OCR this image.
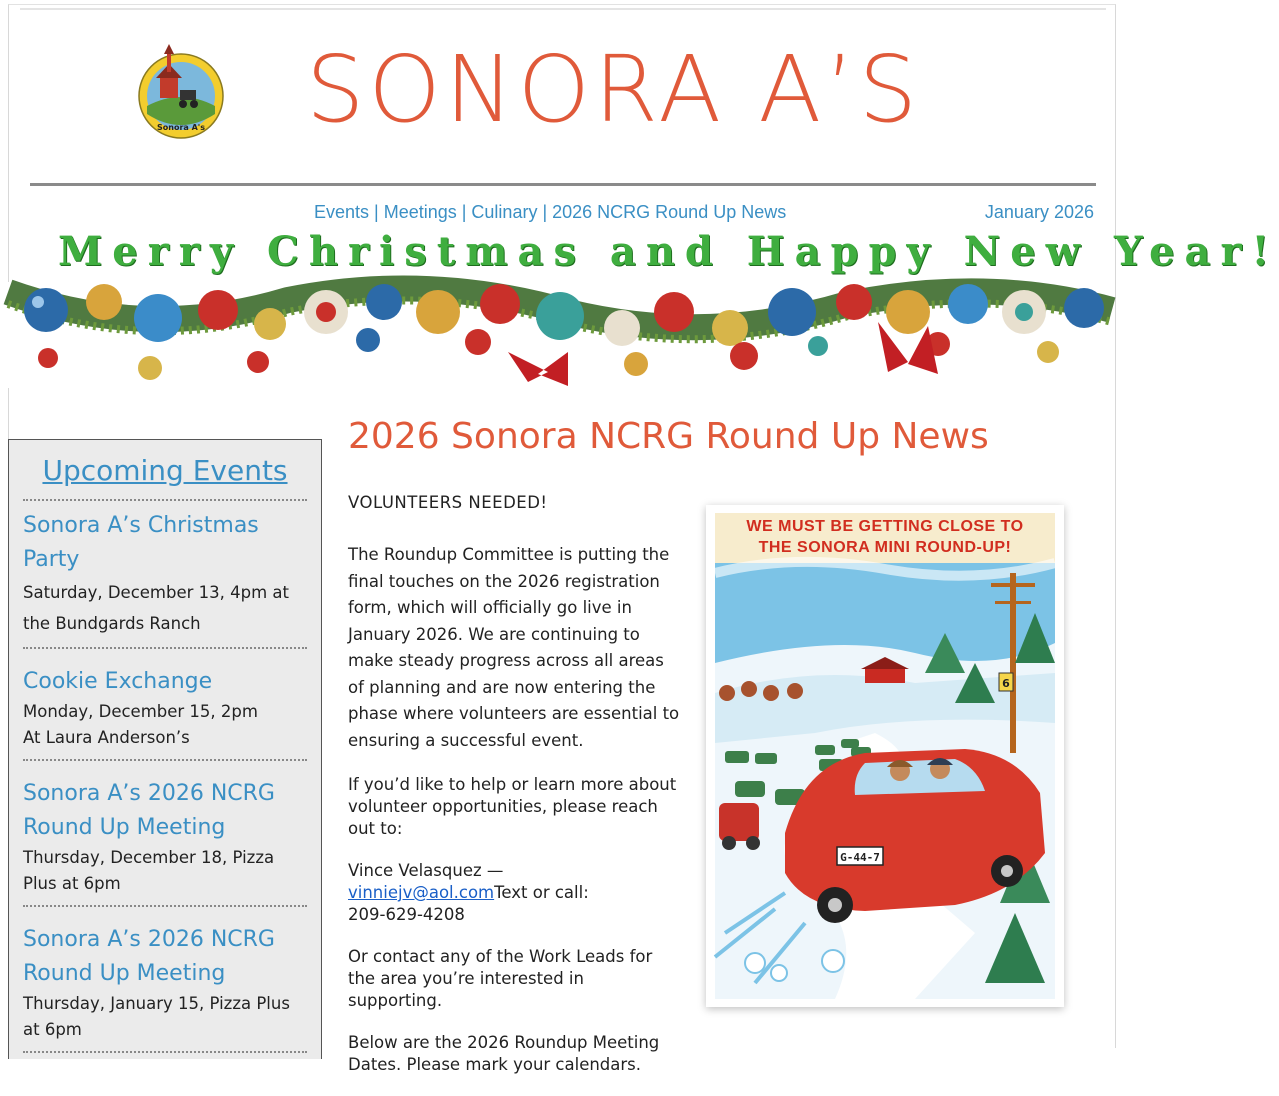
Sonora A's SONORA A’S
Events | Meetings | Culinary | 2026 NCRG Round Up News	January 2026
Merry Christmas and Happy New Year!
Upcoming Events
Sonora A’s Christmas Party
Saturday, December 13, 4pm at the Bundgards Ranch
Cookie Exchange
Monday, December 15, 2pm
At Laura Anderson’s
Sonora A’s 2026 NCRG Round Up Meeting
Thursday, December 18, Pizza Plus at 6pm
Sonora A’s 2026 NCRG Round Up Meeting
Thursday, January 15, Pizza Plus at 6pm
2026 Sonora NCRG Round Up News

VOLUNTEERS NEEDED!

The Roundup Committee is putting the final touches on the 2026 registration form, which will officially go live in January 2026. We are continuing to make steady progress across all areas of planning and are now entering the phase where volunteers are essential to ensuring a successful event.

If you’d like to help or learn more about volunteer opportunities, please reach out to:

Vince Velasquez —
vinniejv@aol.comText or call:
209-629-4208

Or contact any of the Work Leads for the area you’re interested in supporting.

Below are the 2026 Roundup Meeting Dates. Please mark your calendars.

6
G-44-7
WE MUST BE GETTING CLOSE TO
THE SONORA MINI ROUND-UP!
